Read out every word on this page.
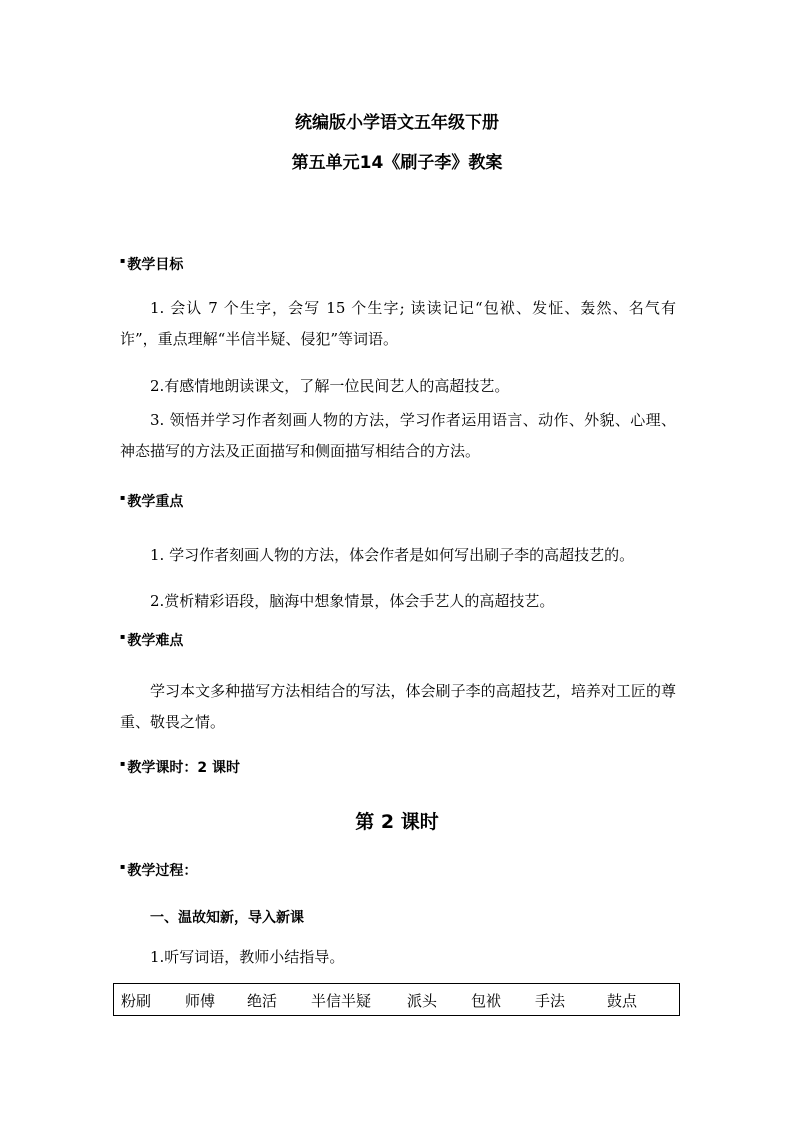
统编版小学语文五年级下册
第五单元14《刷子李》教案
▪ 教学目标
1. 会认 7 个生字，会写 15 个生字; 读读记记“包袱、发怔、轰然、名气有诈”，重点理解“半信半疑、侵犯”等词语。
2.有感情地朗读课文，了解一位民间艺人的高超技艺。
3. 领悟并学习作者刻画人物的方法，学习作者运用语言、动作、外貌、心理、神态描写的方法及正面描写和侧面描写相结合的方法。
▪ 教学重点
1. 学习作者刻画人物的方法，体会作者是如何写出刷子李的高超技艺的。
2.赏析精彩语段，脑海中想象情景，体会手艺人的高超技艺。
▪ 教学难点
学习本文多种描写方法相结合的写法，体会刷子李的高超技艺，培养对工匠的尊重、敬畏之情。
▪ 教学课时：2 课时
第 2 课时
▪ 教学过程：
一、温故知新，导入新课
1.听写词语，教师小结指导。
粉刷 师傅 绝活 半信半疑 派头 包袱 手法	鼓点
